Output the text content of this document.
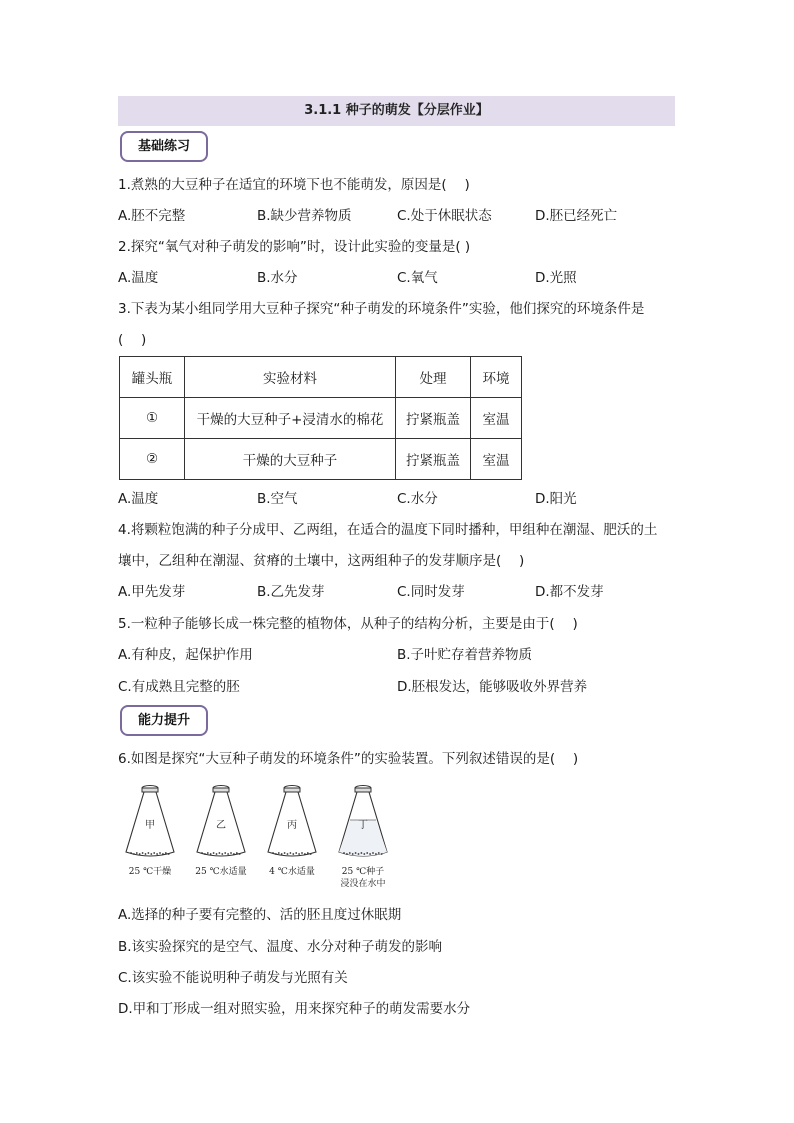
3.1.1 种子的萌发【分层作业】
基础练习
1.煮熟的大豆种子在适宜的环境下也不能萌发，原因是(　 )
A.胚不完整	B.缺少营养物质	C.处于休眠状态	D.胚已经死亡
2.探究“氧气对种子萌发的影响”时，设计此实验的变量是( )
A.温度	B.水分	C.氧气	D.光照
3.下表为某小组同学用大豆种子探究“种子萌发的环境条件”实验，他们探究的环境条件是
(　 )
罐头瓶	实验材料	处理	环境
①	干燥的大豆种子+浸清水的棉花	拧紧瓶盖	室温
②	干燥的大豆种子	拧紧瓶盖	室温
A.温度	B.空气	C.水分	D.阳光
4.将颗粒饱满的种子分成甲、乙两组，在适合的温度下同时播种，甲组种在潮湿、肥沃的土
壤中，乙组种在潮湿、贫瘠的土壤中，这两组种子的发芽顺序是(　 )
A.甲先发芽	B.乙先发芽	C.同时发芽	D.都不发芽
5.一粒种子能够长成一株完整的植物体，从种子的结构分析，主要是由于(　 )
A.有种皮，起保护作用	B.子叶贮存着营养物质
C.有成熟且完整的胚	D.胚根发达，能够吸收外界营养
能力提升
6.如图是探究“大豆种子萌发的环境条件”的实验装置。下列叙述错误的是(　 )
甲
25 ℃干燥
乙
25 ℃水适量
丙
4 ℃水适量
丁
25 ℃种子
浸没在水中
A.选择的种子要有完整的、活的胚且度过休眠期
B.该实验探究的是空气、温度、水分对种子萌发的影响
C.该实验不能说明种子萌发与光照有关
D.甲和丁形成一组对照实验，用来探究种子的萌发需要水分
